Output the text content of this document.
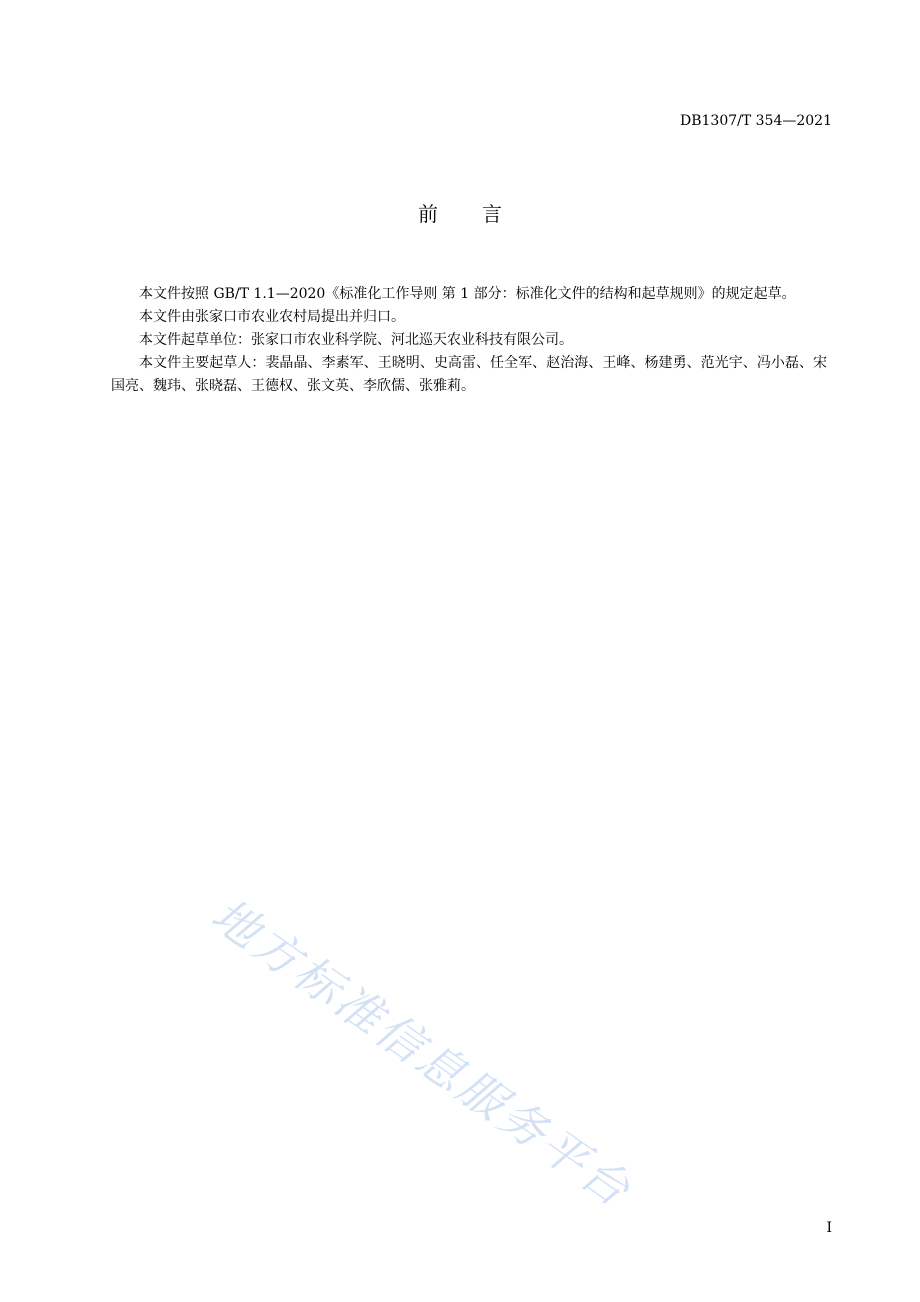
DB1307/T 354—2021
前言

本文件按照 GB/T 1.1—2020《标准化工作导则 第 1 部分：标准化文件的结构和起草规则》的规定起草。

本文件由张家口市农业农村局提出并归口。

本文件起草单位：张家口市农业科学院、河北巡天农业科技有限公司。

本文件主要起草人：裴晶晶、李素军、王晓明、史高雷、任全军、赵治海、王峰、杨建勇、范光宇、冯小磊、宋国亮、魏玮、张晓磊、王德权、张文英、李欣儒、张雅莉。

地方标准信息服务平台
I
